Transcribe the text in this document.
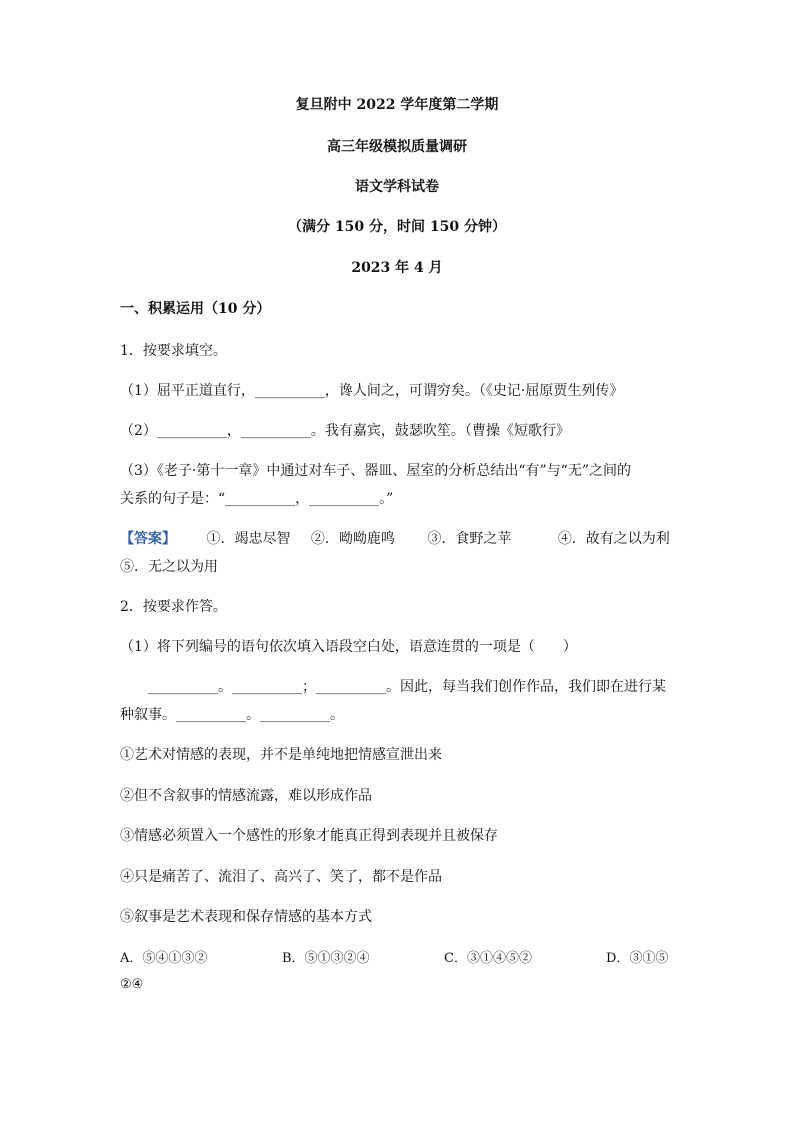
复旦附中 2022 学年度第二学期
高三年级模拟质量调研
语文学科试卷
（满分 150 分，时间 150 分钟）
2023 年 4 月
一、积累运用（10 分）
1．按要求填空。
（1）屈平正道直行，__________，谗人间之，可谓穷矣。（《史记·屈原贾生列传》
（2）__________，__________。我有嘉宾，鼓瑟吹笙。（曹操《短歌行》
（3）《老子·第十一章》中通过对车子、器皿、屋室的分析总结出“有”与“无”之间的
关系的句子是：“__________，__________。”
【答案】 ①．竭忠尽智 ②．呦呦鹿鸣 ③．食野之苹	④．故有之以为利
⑤．无之以为用
2．按要求作答。
（1）将下列编号的语句依次填入语段空白处，语意连贯的一项是（　　）
　　__________。__________；__________。因此，每当我们创作作品，我们即在进行某
种叙事。__________。__________。
①艺术对情感的表现，并不是单纯地把情感宣泄出来
②但不含叙事的情感流露，难以形成作品
③情感必须置入一个感性的形象才能真正得到表现并且被保存
④只是痛苦了、流泪了、高兴了、笑了，都不是作品
⑤叙事是艺术表现和保存情感的基本方式
A．⑤④①③②	B．⑤①③②④	C．③①④⑤②	D．③①⑤
②④
